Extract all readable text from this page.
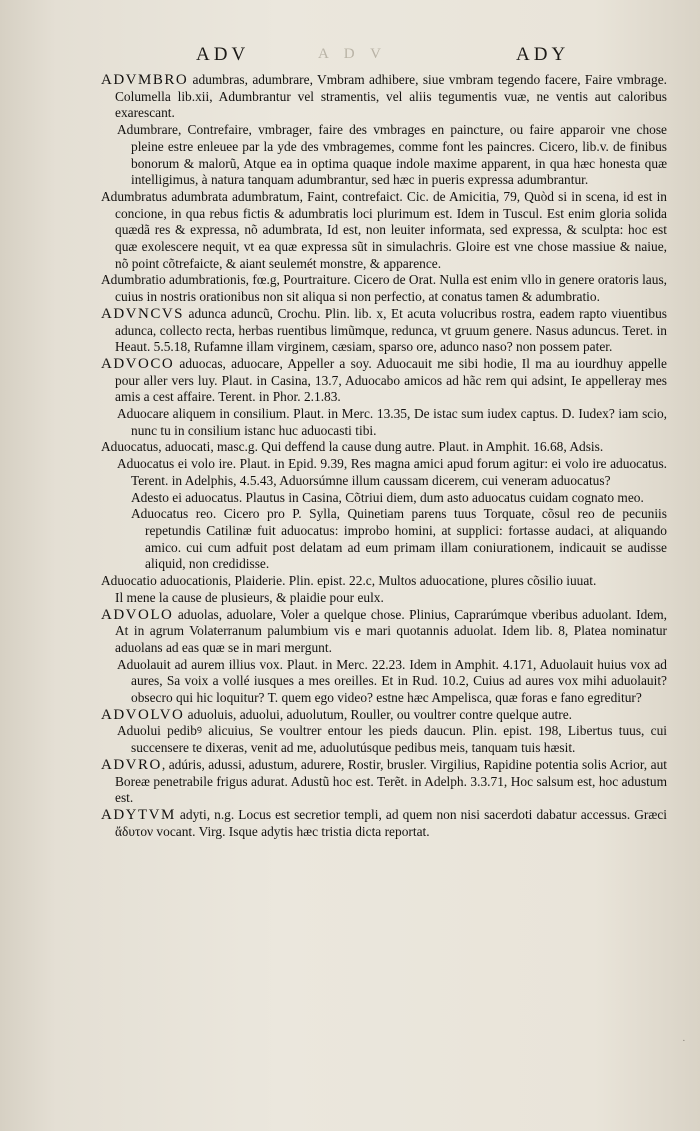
ADV	A D V	ADY

ADVMBRO adumbras, adumbrare, Vmbram adhibere, siue vmbram tegendo facere, Faire vmbrage. Columella lib.xii, Adumbrantur vel stramentis, vel aliis tegumentis vuæ, ne ventis aut caloribus exarescant.

Adumbrare, Contrefaire, vmbrager, faire des vmbrages en paincture, ou faire apparoir vne chose pleine estre enleuee par la yde des vmbragemes, comme font les paincres. Cicero, lib.v. de finibus bonorum & malorũ, Atque ea in optima quaque indole maxime apparent, in qua hæc honesta quæ intelligimus, à natura tanquam adumbrantur, sed hæc in pueris expressa adumbrantur.

Adumbratus adumbrata adumbratum, Faint, contrefaict. Cic. de Amicitia, 79, Quòd si in scena, id est in concione, in qua rebus fictis & adumbratis loci plurimum est. Idem in Tuscul. Est enim gloria solida quædã res & expressa, nõ adumbrata, Id est, non leuiter informata, sed expressa, & sculpta: hoc est quæ exolescere nequit, vt ea quæ expressa sũt in simulachris. Gloire est vne chose massiue & naiue, nõ point cõtrefaicte, & aiant seulemét monstre, & apparence.

Adumbratio adumbrationis, fœ.g, Pourtraiture. Cicero de Orat. Nulla est enim vllo in genere oratoris laus, cuius in nostris orationibus non sit aliqua si non perfectio, at conatus tamen & adumbratio.

ADVNCVS adunca aduncũ, Crochu. Plin. lib. x, Et acuta volucribus rostra, eadem rapto viuentibus adunca, collecto recta, herbas ruentibus limũmque, redunca, vt gruum genere. Nasus aduncus. Teret. in Heaut. 5.5.18, Rufamne illam virginem, cæsiam, sparso ore, adunco naso? non possem pater.

ADVOCO aduocas, aduocare, Appeller a soy. Aduocauit me sibi hodie, Il ma au iourdhuy appelle pour aller vers luy. Plaut. in Casina, 13.7, Aduocabo amicos ad hãc rem qui adsint, Ie appelleray mes amis a cest affaire. Terent. in Phor. 2.1.83.

Aduocare aliquem in consilium. Plaut. in Merc. 13.35, De istac sum iudex captus. D. Iudex? iam scio, nunc tu in consilium istanc huc aduocasti tibi.

Aduocatus, aduocati, masc.g. Qui deffend la cause dung autre. Plaut. in Amphit. 16.68, Adsis.

Aduocatus ei volo ire. Plaut. in Epid. 9.39, Res magna amici apud forum agitur: ei volo ire aduocatus. Terent. in Adelphis, 4.5.43, Aduorsúmne illum caussam dicerem, cui veneram aduocatus?

Adesto ei aduocatus. Plautus in Casina, Cõtriui diem, dum asto aduocatus cuidam cognato meo.

Aduocatus reo. Cicero pro P. Sylla, Quinetiam parens tuus Torquate, cõsul reo de pecuniis repetundis Catilinæ fuit aduocatus: improbo homini, at supplici: fortasse audaci, at aliquando amico. cui cum adfuit post delatam ad eum primam illam coniurationem, indicauit se audisse aliquid, non credidisse.

Aduocatio aduocationis, Plaiderie. Plin. epist. 22.c, Multos aduocatione, plures cõsilio iuuat.

Il mene la cause de plusieurs, & plaidie pour eulx.

ADVOLO aduolas, aduolare, Voler a quelque chose. Plinius, Caprarúmque vberibus aduolant. Idem, At in agrum Volaterranum palumbium vis e mari quotannis aduolat. Idem lib. 8, Platea nominatur aduolans ad eas quæ se in mari mergunt.

Aduolauit ad aurem illius vox. Plaut. in Merc. 22.23. Idem in Amphit. 4.171, Aduolauit huius vox ad aures, Sa voix a vollé iusques a mes oreilles. Et in Rud. 10.2, Cuius ad aures vox mihi aduolauit? obsecro qui hic loquitur? T. quem ego video? estne hæc Ampelisca, quæ foras e fano egreditur?

ADVOLVO aduoluis, aduolui, aduolutum, Rouller, ou voultrer contre quelque autre.

Aduolui pedibꝰ alicuius, Se voultrer entour les pieds daucun. Plin. epist. 198, Libertus tuus, cui succensere te dixeras, venit ad me, aduolutúsque pedibus meis, tanquam tuis hæsit.

ADVRO, adúris, adussi, adustum, adurere, Rostir, brusler. Virgilius, Rapidine potentia solis Acrior, aut Boreæ penetrabile frigus adurat. Adustũ hoc est. Terẽt. in Adelph. 3.3.71, Hoc salsum est, hoc adustum est.

ADYTVM adyti, n.g. Locus est secretior templi, ad quem non nisi sacerdoti dabatur accessus. Græci ἄδυτον vocant. Virg. Isque adytis hæc tristia dicta reportat.

·
